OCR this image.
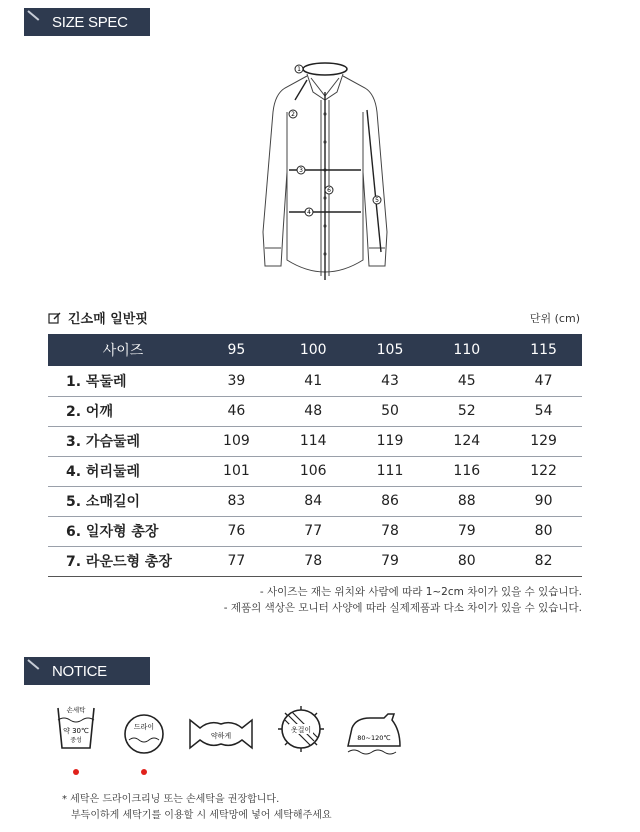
SIZE SPEC
1
2
3
4
5
6
긴소매 일반핏	단위 (cm)
사이즈	95	100	105	110	115
1. 목둘레	39	41	43	45	47
2. 어깨	46	48	50	52	54
3. 가슴둘레	109	114	119	124	129
4. 허리둘레	101	106	111	116	122
5. 소매길이	83	84	86	88	90
6. 일자형 총장	76	77	78	79	80
7. 라운드형 총장	77	78	79	80	82
- 사이즈는 재는 위치와 사람에 따라 1~2cm 차이가 있을 수 있습니다.
- 제품의 색상은 모니터 사양에 따라 실제제품과 다소 차이가 있을 수 있습니다.
NOTICE
손세탁
약 30℃
중성
드라이
약하게
옷걸이
80~120℃
* 세탁은 드라이크리닝 또는 손세탁을 권장합니다.
부득이하게 세탁기를 이용할 시 세탁망에 넣어 세탁해주세요
